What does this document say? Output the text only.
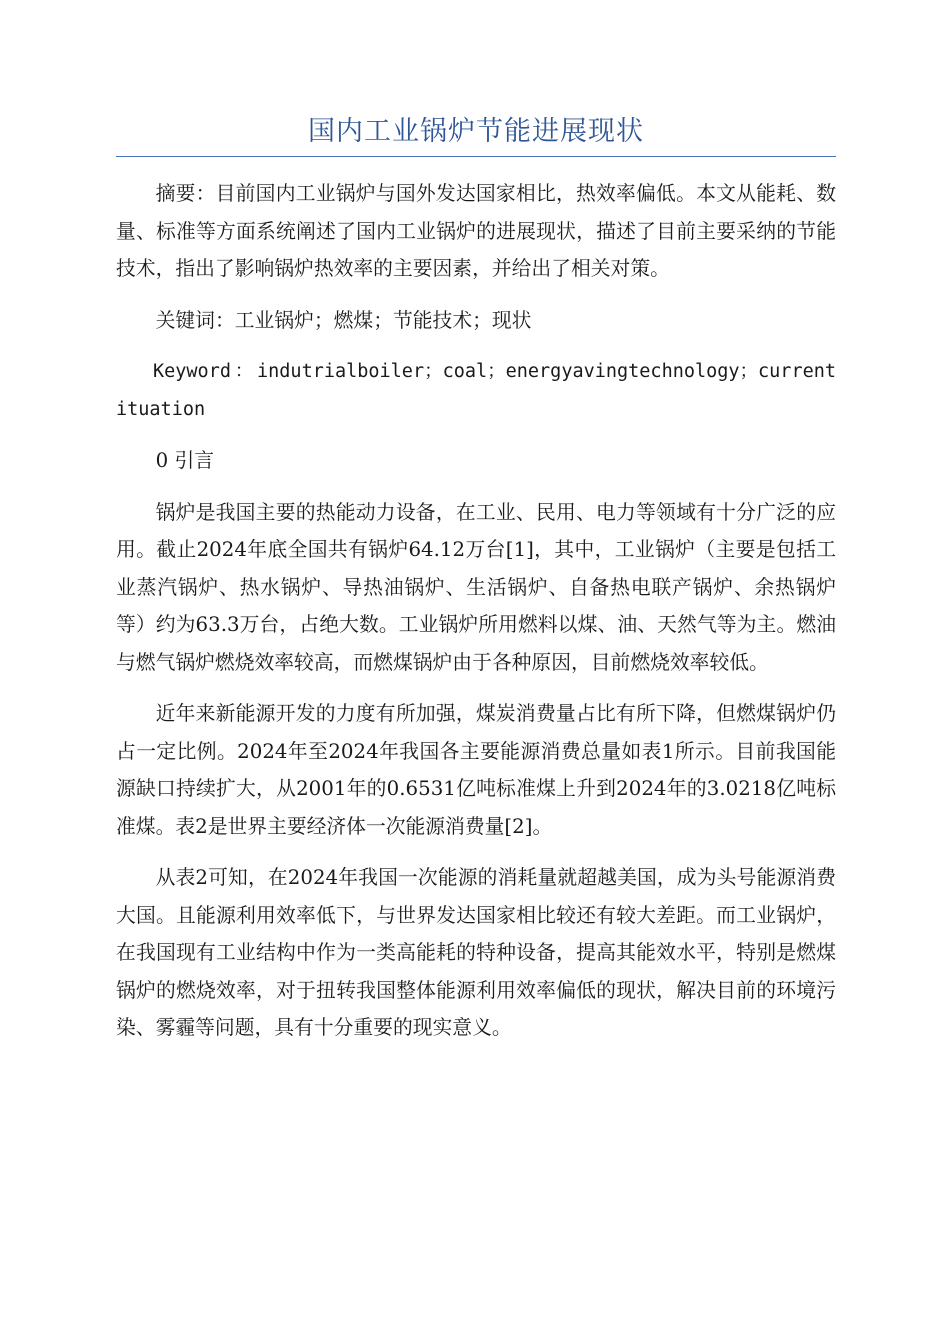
国内工业锅炉节能进展现状

摘要：目前国内工业锅炉与国外发达国家相比，热效率偏低。本文从能耗、数量、标准等方面系统阐述了国内工业锅炉的进展现状，描述了目前主要采纳的节能技术，指出了影响锅炉热效率的主要因素，并给出了相关对策。

关键词：工业锅炉；燃煤；节能技术；现状

Keyword：indutrialboiler；coal；energyavingtechnology；currentituation

0 引言

锅炉是我国主要的热能动力设备，在工业、民用、电力等领域有十分广泛的应用。截止2024年底全国共有锅炉64.12万台[1]，其中，工业锅炉（主要是包括工业蒸汽锅炉、热水锅炉、导热油锅炉、生活锅炉、自备热电联产锅炉、余热锅炉等）约为63.3万台，占绝大数。工业锅炉所用燃料以煤、油、天然气等为主。燃油与燃气锅炉燃烧效率较高，而燃煤锅炉由于各种原因，目前燃烧效率较低。

近年来新能源开发的力度有所加强，煤炭消费量占比有所下降，但燃煤锅炉仍占一定比例。2024年至2024年我国各主要能源消费总量如表1所示。目前我国能源缺口持续扩大，从2001年的0.6531亿吨标准煤上升到2024年的3.0218亿吨标准煤。表2是世界主要经济体一次能源消费量[2]。

从表2可知，在2024年我国一次能源的消耗量就超越美国，成为头号能源消费大国。且能源利用效率低下，与世界发达国家相比较还有较大差距。而工业锅炉，在我国现有工业结构中作为一类高能耗的特种设备，提高其能效水平，特别是燃煤锅炉的燃烧效率，对于扭转我国整体能源利用效率偏低的现状，解决目前的环境污染、雾霾等问题，具有十分重要的现实意义。
